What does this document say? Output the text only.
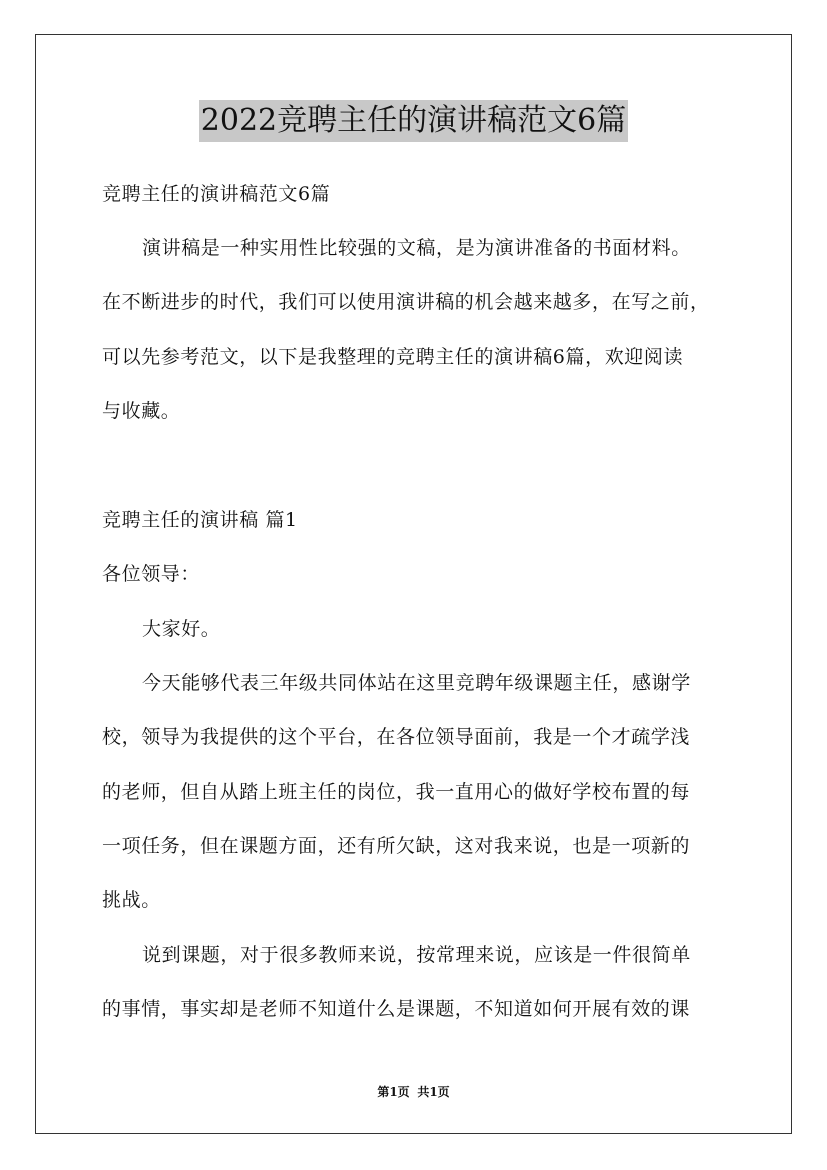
2022竞聘主任的演讲稿范文6篇
竞聘主任的演讲稿范文6篇
演讲稿是一种实用性比较强的文稿，是为演讲准备的书面材料。
在不断进步的时代，我们可以使用演讲稿的机会越来越多，在写之前，
可以先参考范文，以下是我整理的竞聘主任的演讲稿6篇，欢迎阅读
与收藏。
竞聘主任的演讲稿 篇1
各位领导：
大家好。
今天能够代表三年级共同体站在这里竞聘年级课题主任，感谢学
校，领导为我提供的这个平台，在各位领导面前，我是一个才疏学浅
的老师，但自从踏上班主任的岗位，我一直用心的做好学校布置的每
一项任务，但在课题方面，还有所欠缺，这对我来说，也是一项新的
挑战。
说到课题，对于很多教师来说，按常理来说，应该是一件很简单
的事情，事实却是老师不知道什么是课题，不知道如何开展有效的课
第1页 共1页
